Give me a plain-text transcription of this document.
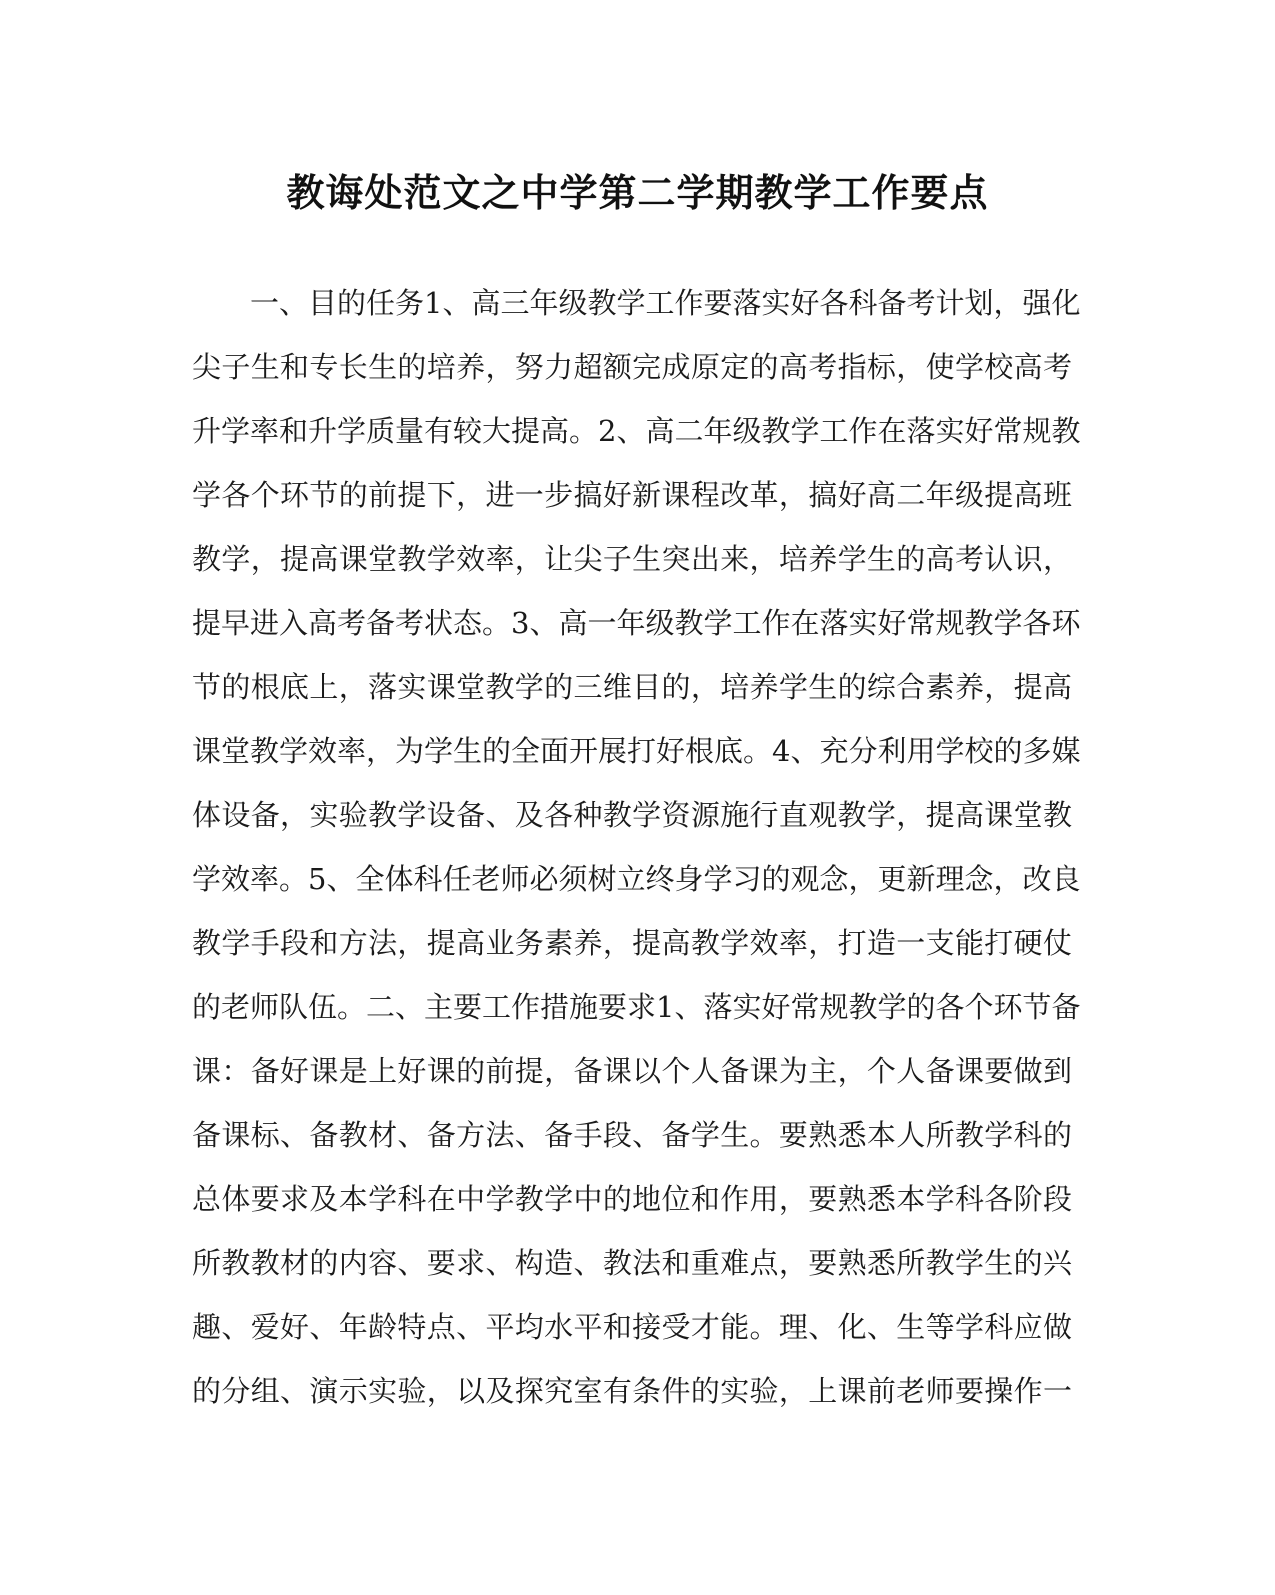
教诲处范文之中学第二学期教学工作要点
一、目的任务1、高三年级教学工作要落实好各科备考计划，强化
尖子生和专长生的培养，努力超额完成原定的高考指标，使学校高考
升学率和升学质量有较大提高。2、高二年级教学工作在落实好常规教
学各个环节的前提下，进一步搞好新课程改革，搞好高二年级提高班
教学，提高课堂教学效率，让尖子生突出来，培养学生的高考认识，
提早进入高考备考状态。3、高一年级教学工作在落实好常规教学各环
节的根底上，落实课堂教学的三维目的，培养学生的综合素养，提高
课堂教学效率，为学生的全面开展打好根底。4、充分利用学校的多媒
体设备，实验教学设备、及各种教学资源施行直观教学，提高课堂教
学效率。5、全体科任老师必须树立终身学习的观念，更新理念，改良
教学手段和方法，提高业务素养，提高教学效率，打造一支能打硬仗
的老师队伍。二、主要工作措施要求1、落实好常规教学的各个环节备
课：备好课是上好课的前提，备课以个人备课为主，个人备课要做到
备课标、备教材、备方法、备手段、备学生。要熟悉本人所教学科的
总体要求及本学科在中学教学中的地位和作用，要熟悉本学科各阶段
所教教材的内容、要求、构造、教法和重难点，要熟悉所教学生的兴
趣、爱好、年龄特点、平均水平和接受才能。理、化、生等学科应做
的分组、演示实验，以及探究室有条件的实验，上课前老师要操作一
